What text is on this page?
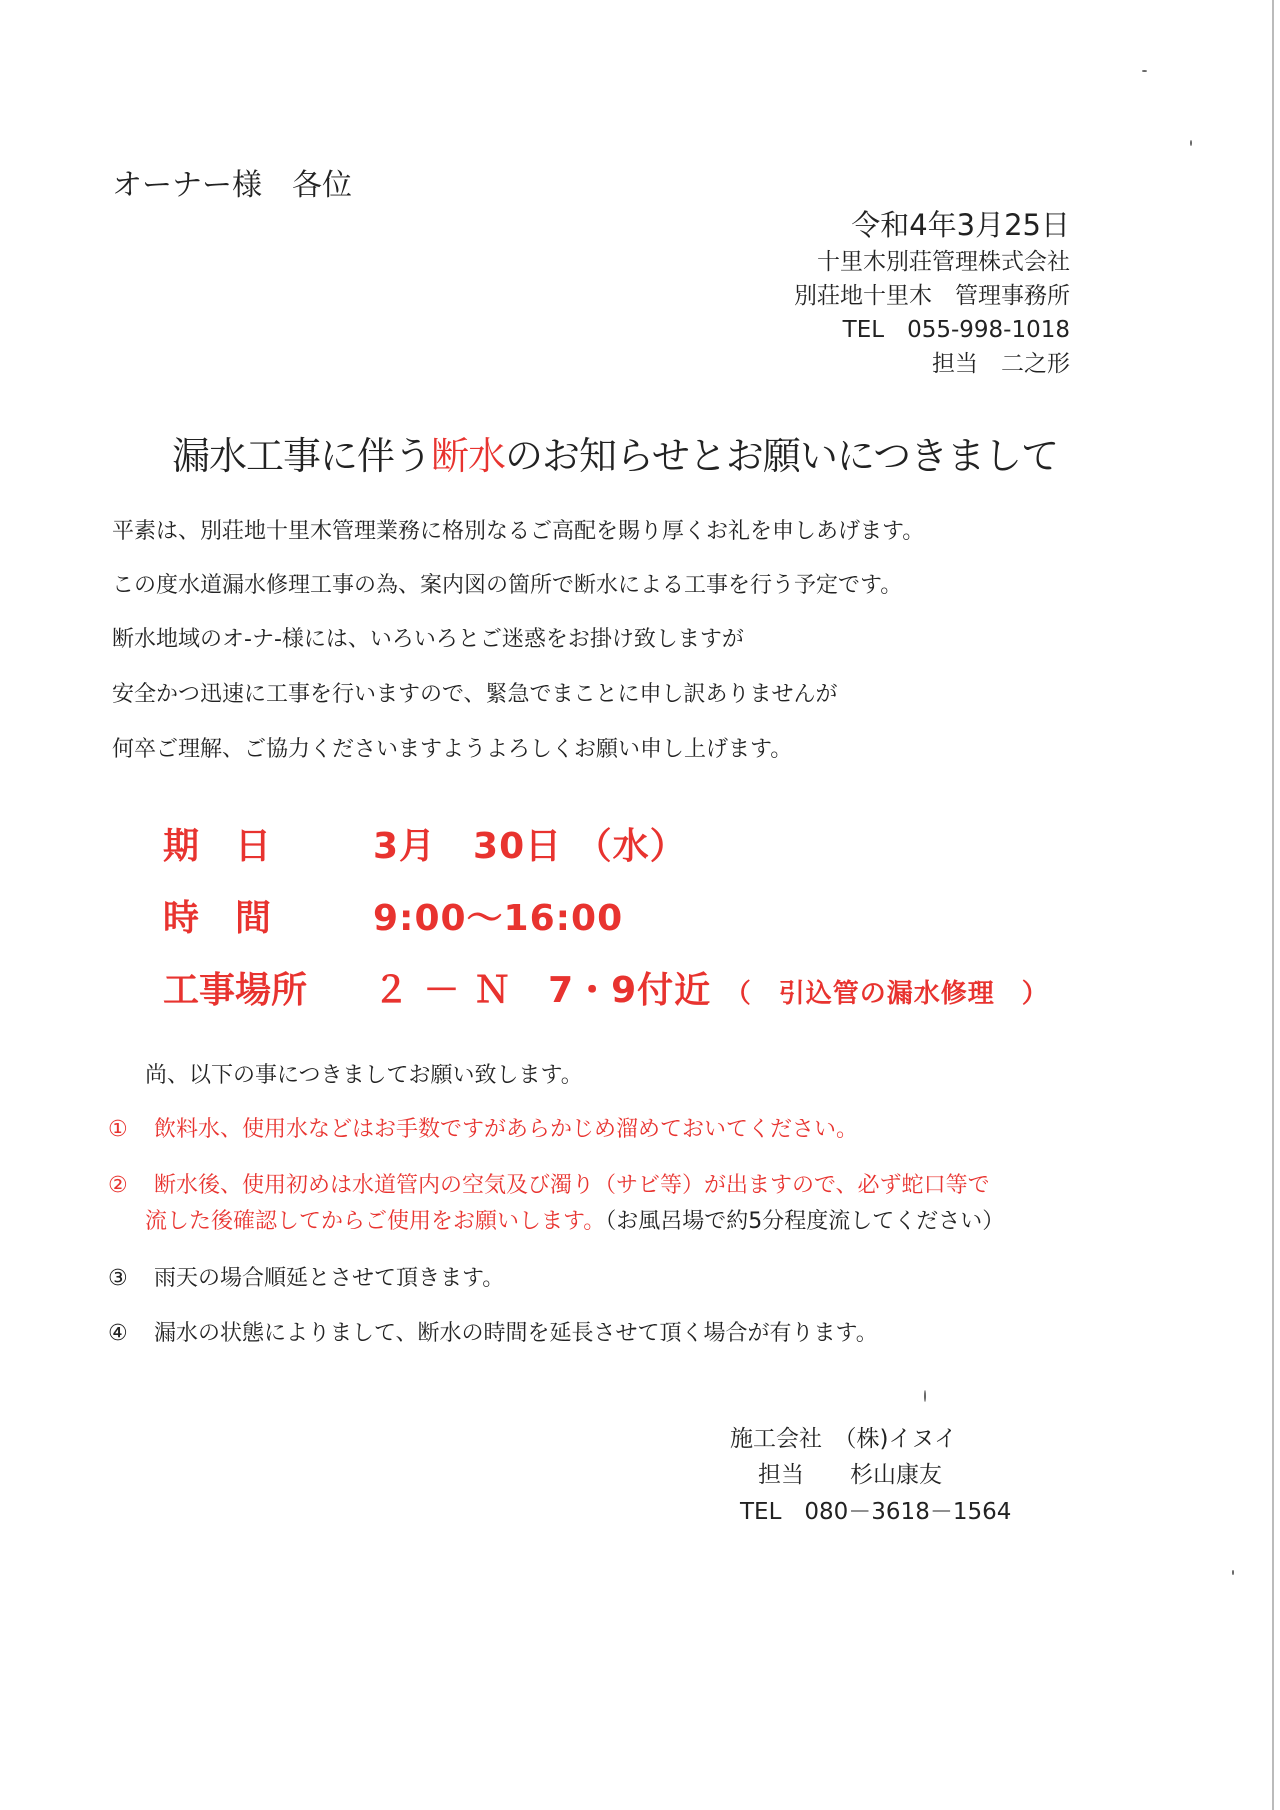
オーナー様　各位
令和4年3月25日
十里木別荘管理株式会社
別荘地十里木　管理事務所
TEL　055-998-1018
担当　二之形
漏水工事に伴う断水のお知らせとお願いにつきまして
平素は、別荘地十里木管理業務に格別なるご高配を賜り厚くお礼を申しあげます。
この度水道漏水修理工事の為、案内図の箇所で断水による工事を行う予定です。
断水地域のオ-ナ-様には、いろいろとご迷惑をお掛け致しますが
安全かつ迅速に工事を行いますので、緊急でまことに申し訳ありませんが
何卒ご理解、ご協力くださいますようよろしくお願い申し上げます。
期　日	3月　30日 （水）
時　間	9:00～16:00
工事場所 ２ － Ｎ　7・9付近 （　引込管の漏水修理　）
尚、以下の事につきましてお願い致します。
① 飲料水、使用水などはお手数ですがあらかじめ溜めておいてください。
② 断水後、使用初めは水道管内の空気及び濁り（サビ等）が出ますので、必ず蛇口等で
流した後確認してからご使用をお願いします。（お風呂場で約5分程度流してください）
③ 雨天の場合順延とさせて頂きます。
④ 漏水の状態によりまして、断水の時間を延長させて頂く場合が有ります。
施工会社　（株)イヌイ
担当　　杉山康友
TEL　080－3618－1564
